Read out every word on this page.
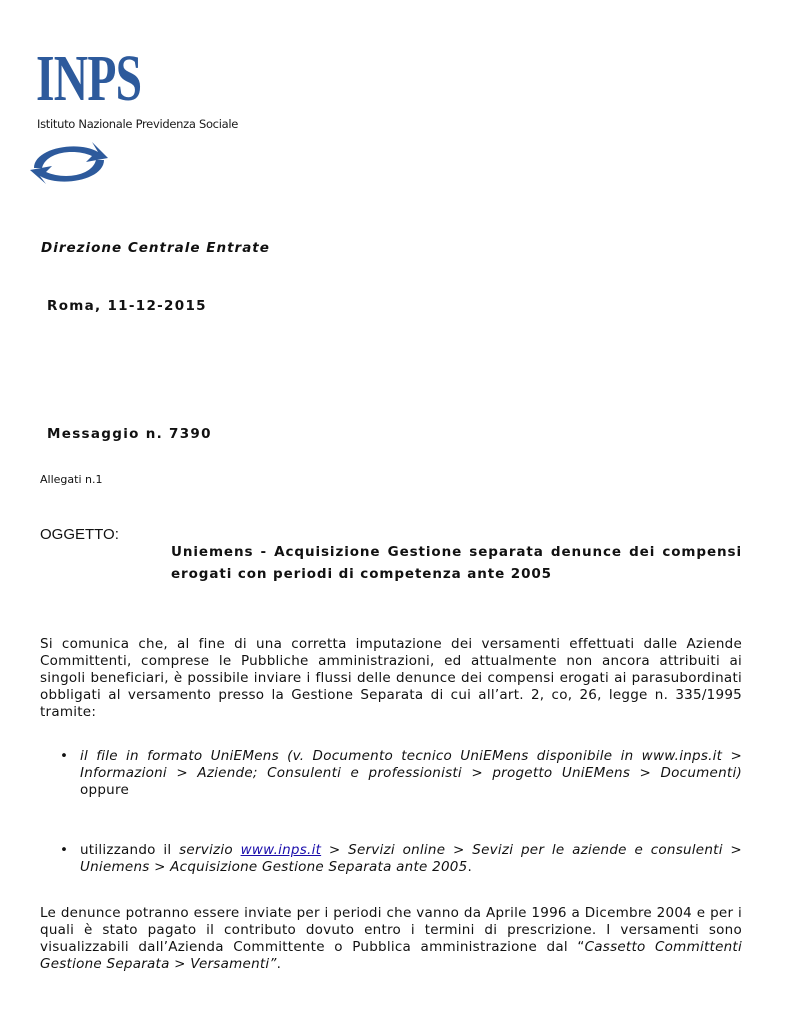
INPS
Istituto Nazionale Previdenza Sociale
Direzione Centrale Entrate
Roma, 11-12-2015
Messaggio n. 7390
Allegati n.1
OGGETTO:
Uniemens - Acquisizione Gestione separata denunce dei compensi erogati con periodi di competenza ante 2005
Si comunica che, al fine di una corretta imputazione dei versamenti effettuati dalle Aziende Committenti, comprese le Pubbliche amministrazioni, ed attualmente non ancora attribuiti ai singoli beneficiari, è possibile inviare i flussi delle denunce dei compensi erogati ai parasubordinati obbligati al versamento presso la Gestione Separata di cui all’art. 2, co, 26, legge n. 335/1995 tramite:
• il file in formato UniEMens (v. Documento tecnico UniEMens disponibile in www.inps.it > Informazioni > Aziende; Consulenti e professionisti > progetto UniEMens > Documenti) oppure
• utilizzando il servizio www.inps.it > Servizi online > Sevizi per le aziende e consulenti > Uniemens > Acquisizione Gestione Separata ante 2005.
Le denunce potranno essere inviate per i periodi che vanno da Aprile 1996 a Dicembre 2004 e per i quali è stato pagato il contributo dovuto entro i termini di prescrizione. I versamenti sono visualizzabili dall’Azienda Committente o Pubblica amministrazione dal “Cassetto Committenti Gestione Separata > Versamenti”.
